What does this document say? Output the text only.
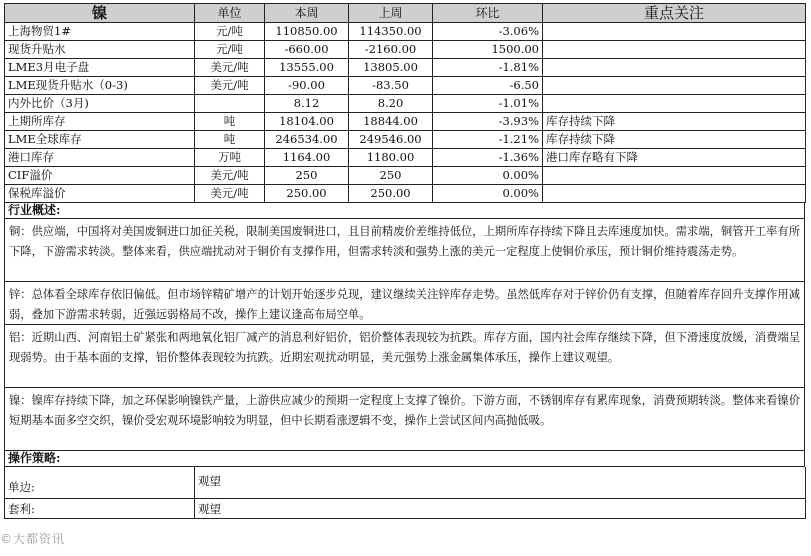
镍	单位	本周	上周	环比	重点关注
上海物贸1#	元/吨	110850.00	114350.00	-3.06%	
现货升贴水	元/吨	-660.00	-2160.00	1500.00	
LME3月电子盘	美元/吨	13555.00	13805.00	-1.81%	
LME现货升贴水（0-3)	美元/吨	-90.00	-83.50	-6.50	
内外比价（3月)		8.12	8.20	-1.01%	
上期所库存	吨	18104.00	18844.00	-3.93%	库存持续下降
LME全球库存	吨	246534.00	249546.00	-1.21%	库存持续下降
港口库存	万吨	1164.00	1180.00	-1.36%	港口库存略有下降
CIF溢价	美元/吨	250	250	0.00%	
保税库溢价	美元/吨	250.00	250.00	0.00%	
行业概述:
铜：供应端，中国将对美国废铜进口加征关税，限制美国废铜进口，且目前精废价差维持低位，上期所库存持续下降且去库速度加快。需求端，铜管开工率有所下降，下游需求转淡。整体来看，供应端扰动对于铜价有支撑作用，但需求转淡和强势上涨的美元一定程度上使铜价承压，预计铜价维持震荡走势。
锌：总体看全球库存依旧偏低。但市场锌精矿增产的计划开始逐步兑现，建议继续关注锌库存走势。虽然低库存对于锌价仍有支撑，但随着库存回升支撑作用减弱，叠加下游需求转弱，近强远弱格局不改，操作上建议逢高布局空单。
铝：近期山西、河南铝土矿紧张和两地氧化铝厂减产的消息利好铝价，铝价整体表现较为抗跌。库存方面，国内社会库存继续下降，但下滑速度放缓，消费端呈现弱势。由于基本面的支撑，铝价整体表现较为抗跌。近期宏观扰动明显，美元强势上涨金属集体承压，操作上建议观望。
镍：镍库存持续下降，加之环保影响镍铁产量，上游供应减少的预期一定程度上支撑了镍价。下游方面，不锈钢库存有累库现象，消费预期转淡。整体来看镍价短期基本面多空交织，镍价受宏观环境影响较为明显，但中长期看涨逻辑不变，操作上尝试区间内高抛低吸。
操作策略:
单边:	观望
套利:	观望
©大都资讯
